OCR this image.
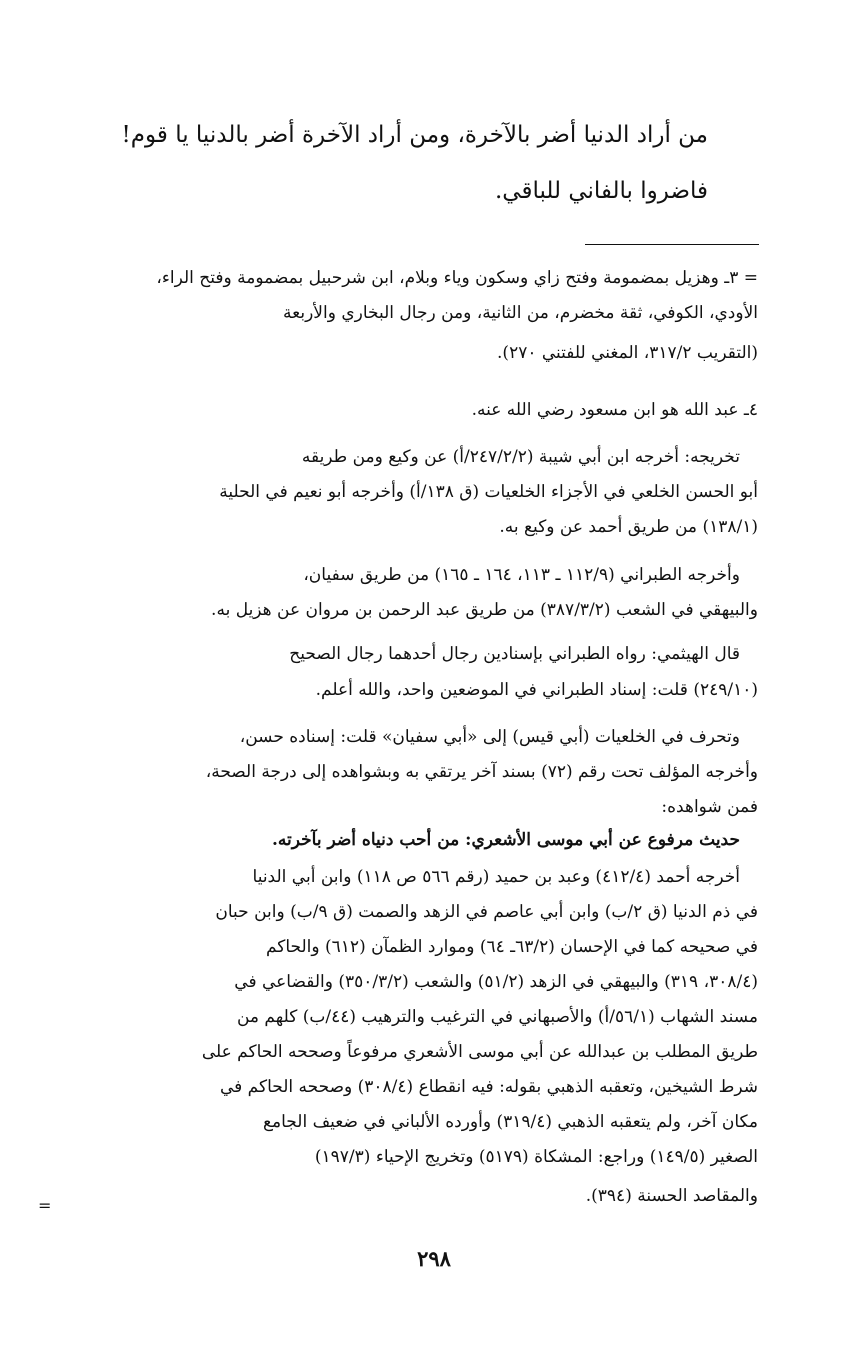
من أراد الدنيا أضر بالآخرة، ومن أراد الآخرة أضر بالدنيا يا قوم!
فاضروا بالفاني للباقي.
= ٣ـ وهزيل بمضمومة وفتح زاي وسكون وياء وبلام، ابن شرحبيل بمضمومة وفتح الراء،
الأودي، الكوفي، ثقة مخضرم، من الثانية، ومن رجال البخاري والأربعة
(التقريب ٣١٧/٢، المغني للفتني ٢٧٠).
٤ـ عبد الله هو ابن مسعود رضي الله عنه.
تخريجه: أخرجه ابن أبي شيبة (٢٤٧/٢/٢/أ) عن وكيع ومن طريقه
أبو الحسن الخلعي في الأجزاء الخلعيات (ق ١٣٨/أ) وأخرجه أبو نعيم في الحلية
(١٣٨/١) من طريق أحمد عن وكيع به.
وأخرجه الطبراني (١١٢/٩ ـ ١١٣، ١٦٤ ـ ١٦٥) من طريق سفيان،
والبيهقي في الشعب (٣٨٧/٣/٢) من طريق عبد الرحمن بن مروان عن هزيل به.
قال الهيثمي: رواه الطبراني بإسنادين رجال أحدهما رجال الصحيح
(٢٤٩/١٠) قلت: إسناد الطبراني في الموضعين واحد، والله أعلم.
وتحرف في الخلعيات (أبي قيس) إلى «أبي سفيان» قلت: إسناده حسن،
وأخرجه المؤلف تحت رقم (٧٢) بسند آخر يرتقي به وبشواهده إلى درجة الصحة،
فمن شواهده:
حديث مرفوع عن أبي موسى الأشعري: من أحب دنياه أضر بآخرته.
أخرجه أحمد (٤١٢/٤) وعبد بن حميد (رقم ٥٦٦ ص ١١٨) وابن أبي الدنيا
في ذم الدنيا (ق ٢/ب) وابن أبي عاصم في الزهد والصمت (ق ٩/ب) وابن حبان
في صحيحه كما في الإحسان (٦٣/٢ـ ٦٤) وموارد الظمآن (٦١٢) والحاكم
(٣٠٨/٤، ٣١٩) والبيهقي في الزهد (٥١/٢) والشعب (٣٥٠/٣/٢) والقضاعي في
مسند الشهاب (٥٦/١/أ) والأصبهاني في الترغيب والترهيب (٤٤/ب) كلهم من
طريق المطلب بن عبدالله عن أبي موسى الأشعري مرفوعاً وصححه الحاكم على
شرط الشيخين، وتعقبه الذهبي بقوله: فيه انقطاع (٣٠٨/٤) وصححه الحاكم في
مكان آخر، ولم يتعقبه الذهبي (٣١٩/٤) وأورده الألباني في ضعيف الجامع
الصغير (١٤٩/٥) وراجع: المشكاة (٥١٧٩) وتخريج الإحياء (١٩٧/٣)
والمقاصد الحسنة (٣٩٤).
=
٢٩٨
